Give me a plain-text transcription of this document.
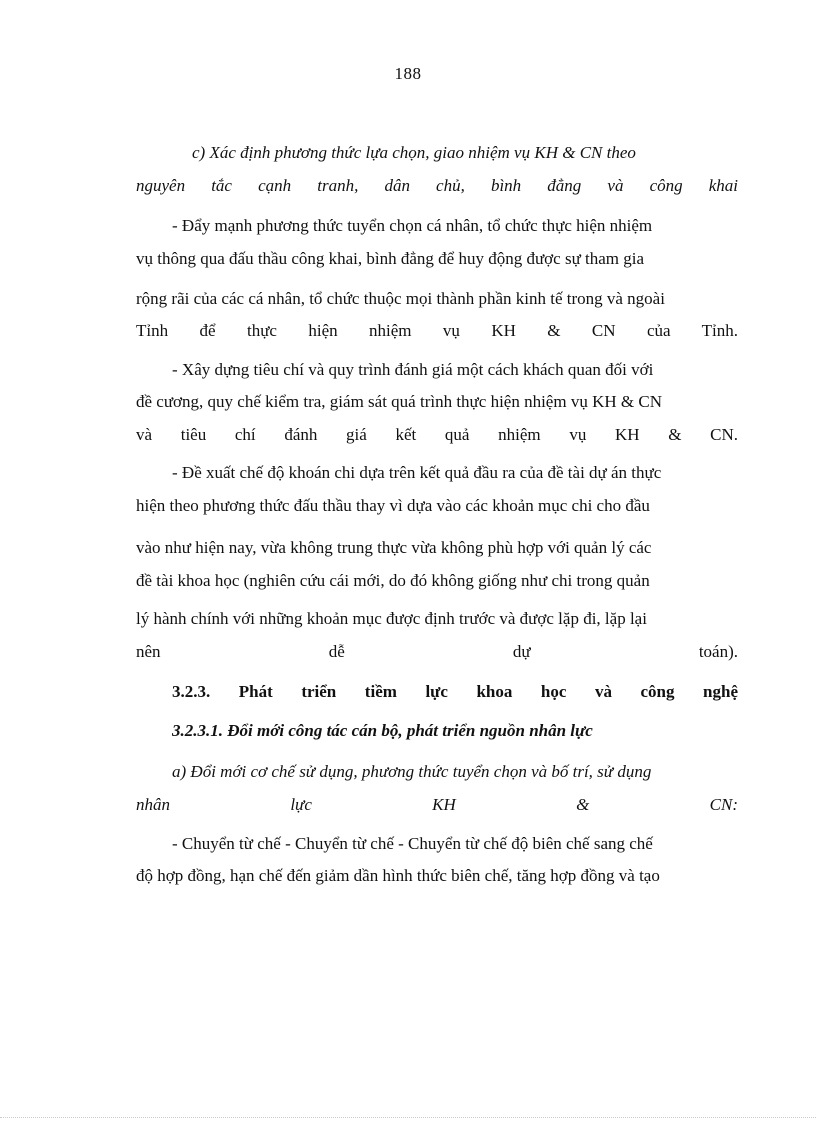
188
c) Xác định phương thức lựa chọn, giao nhiệm vụ KH & CN theo
nguyên tắc cạnh tranh, dân chủ, bình đẳng và công khai
- Đẩy mạnh phương thức tuyển chọn cá nhân, tổ chức thực hiện nhiệm
vụ thông qua đấu thầu công khai, bình đẳng để huy động được sự tham gia
rộng rãi của các cá nhân, tổ chức thuộc mọi thành phần kinh tế trong và ngoài
Tỉnh để thực hiện nhiệm vụ KH & CN của Tỉnh.
- Xây dựng tiêu chí và quy trình đánh giá một cách khách quan đối với
đề cương, quy chế kiểm tra, giám sát quá trình thực hiện nhiệm vụ KH & CN
và tiêu chí đánh giá kết quả nhiệm vụ KH & CN.
- Đề xuất chế độ khoán chi dựa trên kết quả đầu ra của đề tài dự án thực
hiện theo phương thức đấu thầu thay vì dựa vào các khoản mục chi cho đầu
vào như hiện nay, vừa không trung thực vừa không phù hợp với quản lý các
đề tài khoa học (nghiên cứu cái mới, do đó không giống như chi trong quản
lý hành chính với những khoản mục được định trước và được lặp đi, lặp lại
nên dễ dự toán).
3.2.3. Phát triển tiềm lực khoa học và công nghệ
3.2.3.1. Đổi mới công tác cán bộ, phát triển nguồn nhân lực
a) Đổi mới cơ chế sử dụng, phương thức tuyển chọn và bố trí, sử dụng
nhân lực KH & CN:
- Chuyển từ chế - Chuyển từ chế - Chuyển từ chế độ biên chế sang chế
độ hợp đồng, hạn chế đến giảm dần hình thức biên chế, tăng hợp đồng và tạo
